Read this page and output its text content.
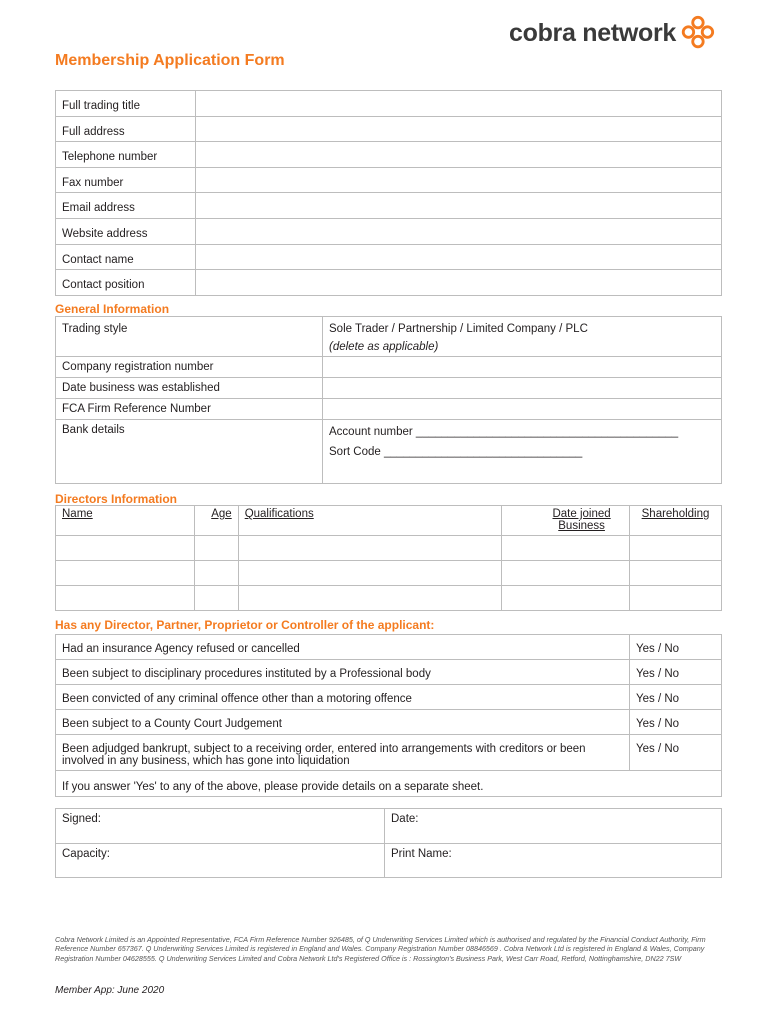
cobra network
Membership Application Form
Full trading title	
Full address	
Telephone number	
Fax number	
Email address	
Website address	
Contact name	
Contact position	
General Information
Trading style	Sole Trader / Partnership / Limited Company / PLC
(delete as applicable)

Company registration number	
Date business was established	
FCA Firm Reference Number	
Bank details	Account number _________________________________________
Sort Code _______________________________
Directors Information
Name	Age	Qualifications	Date joined Business	Shareholding

Has any Director, Partner, Proprietor or Controller of the applicant:
Had an insurance Agency refused or cancelled	Yes / No
Been subject to disciplinary procedures instituted by a Professional body	Yes / No
Been convicted of any criminal offence other than a motoring offence	Yes / No
Been subject to a County Court Judgement	Yes / No
Been adjudged bankrupt, subject to a receiving order, entered into arrangements with creditors or been involved in any business, which has gone into liquidation	Yes / No
If you answer 'Yes' to any of the above, please provide details on a separate sheet.	
Signed:	Date:
Capacity:	Print Name:
Cobra Network Limited is an Appointed Representative, FCA Firm Reference Number 926485, of Q Underwriting Services Limited which is authorised and regulated by the Financial Conduct Authority, Firm Reference Number 657367. Q Underwriting Services Limited is registered in England and Wales. Company Registration Number 08846569 . Cobra Network Ltd is registered in England & Wales, Company Registration Number 04628555. Q Underwriting Services Limited and Cobra Network Ltd's Registered Office is : Rossington's Business Park, West Carr Road, Retford, Nottinghamshire, DN22 7SW
Member App: June 2020
